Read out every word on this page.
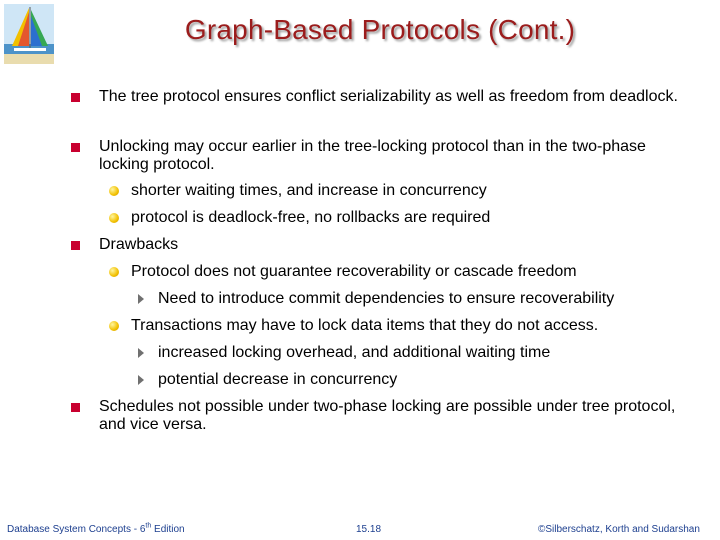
Graph-Based Protocols (Cont.)
The tree protocol ensures conflict serializability as well as freedom from deadlock.
Unlocking may occur earlier in the tree-locking protocol than in the two-phase locking protocol.
shorter waiting times, and increase in concurrency
protocol is deadlock-free, no rollbacks are required
Drawbacks
Protocol does not guarantee recoverability or cascade freedom
Need to introduce commit dependencies to ensure recoverability
Transactions may have to lock data items that they do not access.
increased locking overhead, and additional waiting time
potential decrease in concurrency
Schedules not possible under two-phase locking are possible under tree protocol, and vice versa.
Database System Concepts - 6th Edition	15.18	©Silberschatz, Korth and Sudarshan
